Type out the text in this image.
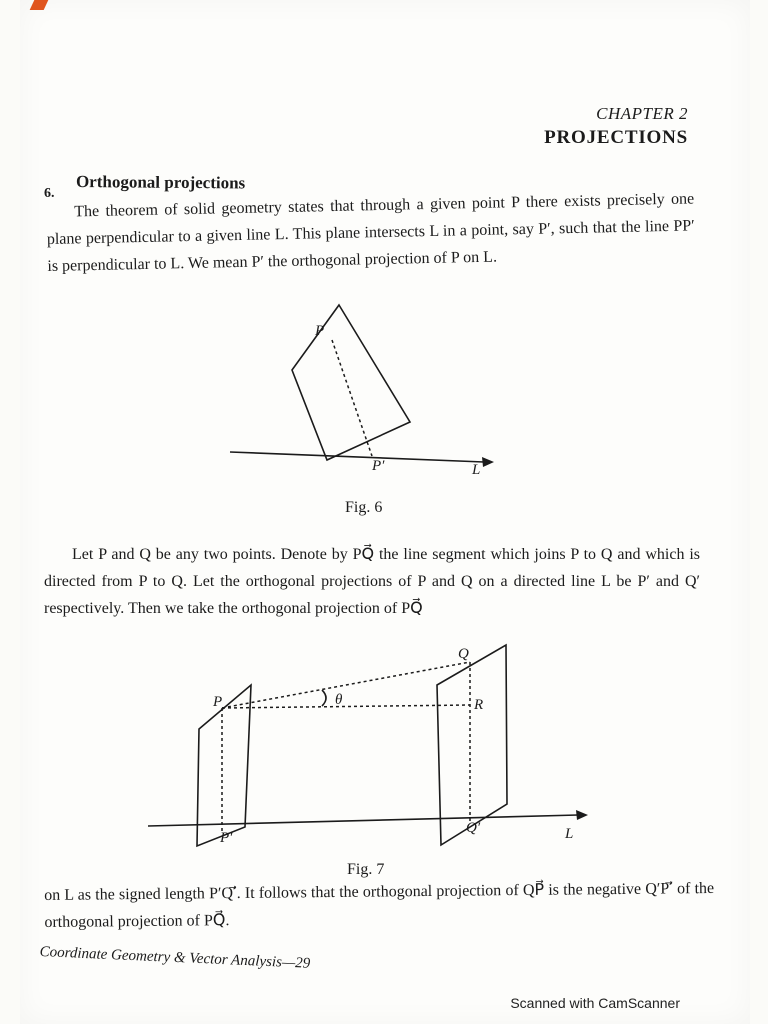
CHAPTER 2
PROJECTIONS
6.
Orthogonal projections
The theorem of solid geometry states that through a given point P there exists precisely one plane perpendicular to a given line L. This plane intersects L in a point, say P′, such that the line PP′ is perpendicular to L. We mean P′ the orthogonal projection of P on L.
P
P′	L
Fig. 6
Let P and Q be any two points. Denote by PQ⃗ the line segment which joins P to Q and which is directed from P to Q. Let the orthogonal projections of P and Q on a directed line L be P′ and Q′ respectively. Then we take the orthogonal projection of PQ⃗
P
Q
R
θ
P′
Q′	L
Fig. 7
on L as the signed length P′Q′⃗. It follows that the orthogonal projection of QP⃗ is the negative Q′P′⃗ of the orthogonal projection of PQ⃗.
Coordinate Geometry & Vector Analysis—29
Scanned with CamScanner
